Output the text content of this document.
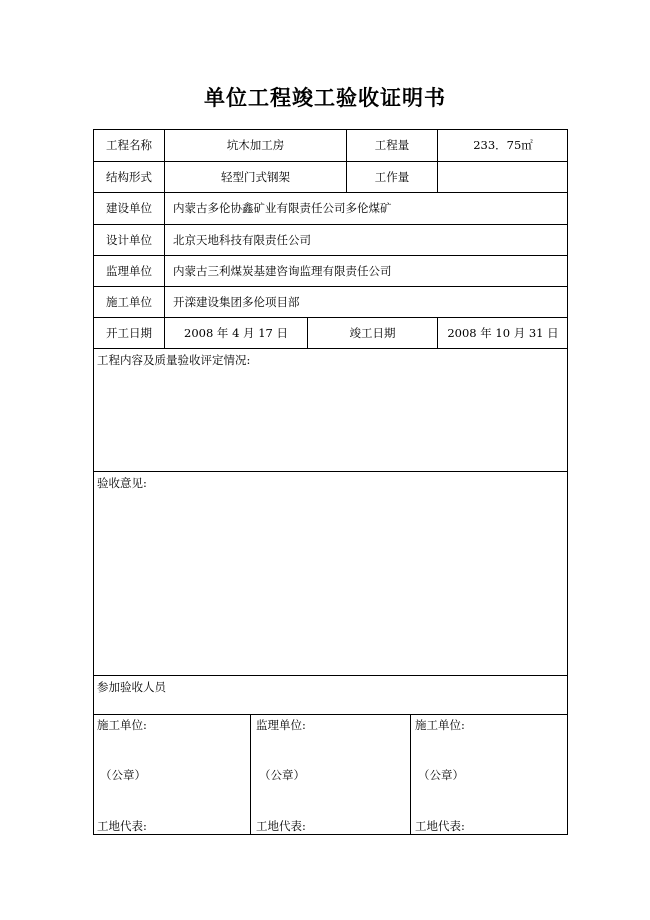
单位工程竣工验收证明书
工程名称	坑木加工房	工程量	233．75㎡
结构形式	轻型门式钢架	工作量
建设单位	内蒙古多伦协鑫矿业有限责任公司多伦煤矿
设计单位	北京天地科技有限责任公司
监理单位	内蒙古三利煤炭基建咨询监理有限责任公司
施工单位	开滦建设集团多伦项目部
开工日期	2008 年 4 月 17 日	竣工日期	2008 年 10 月 31 日
工程内容及质量验收评定情况:
验收意见:
参加验收人员
施工单位:
（公章）
工地代表:
监理单位:
（公章）
工地代表:
施工单位:
（公章）
工地代表:
